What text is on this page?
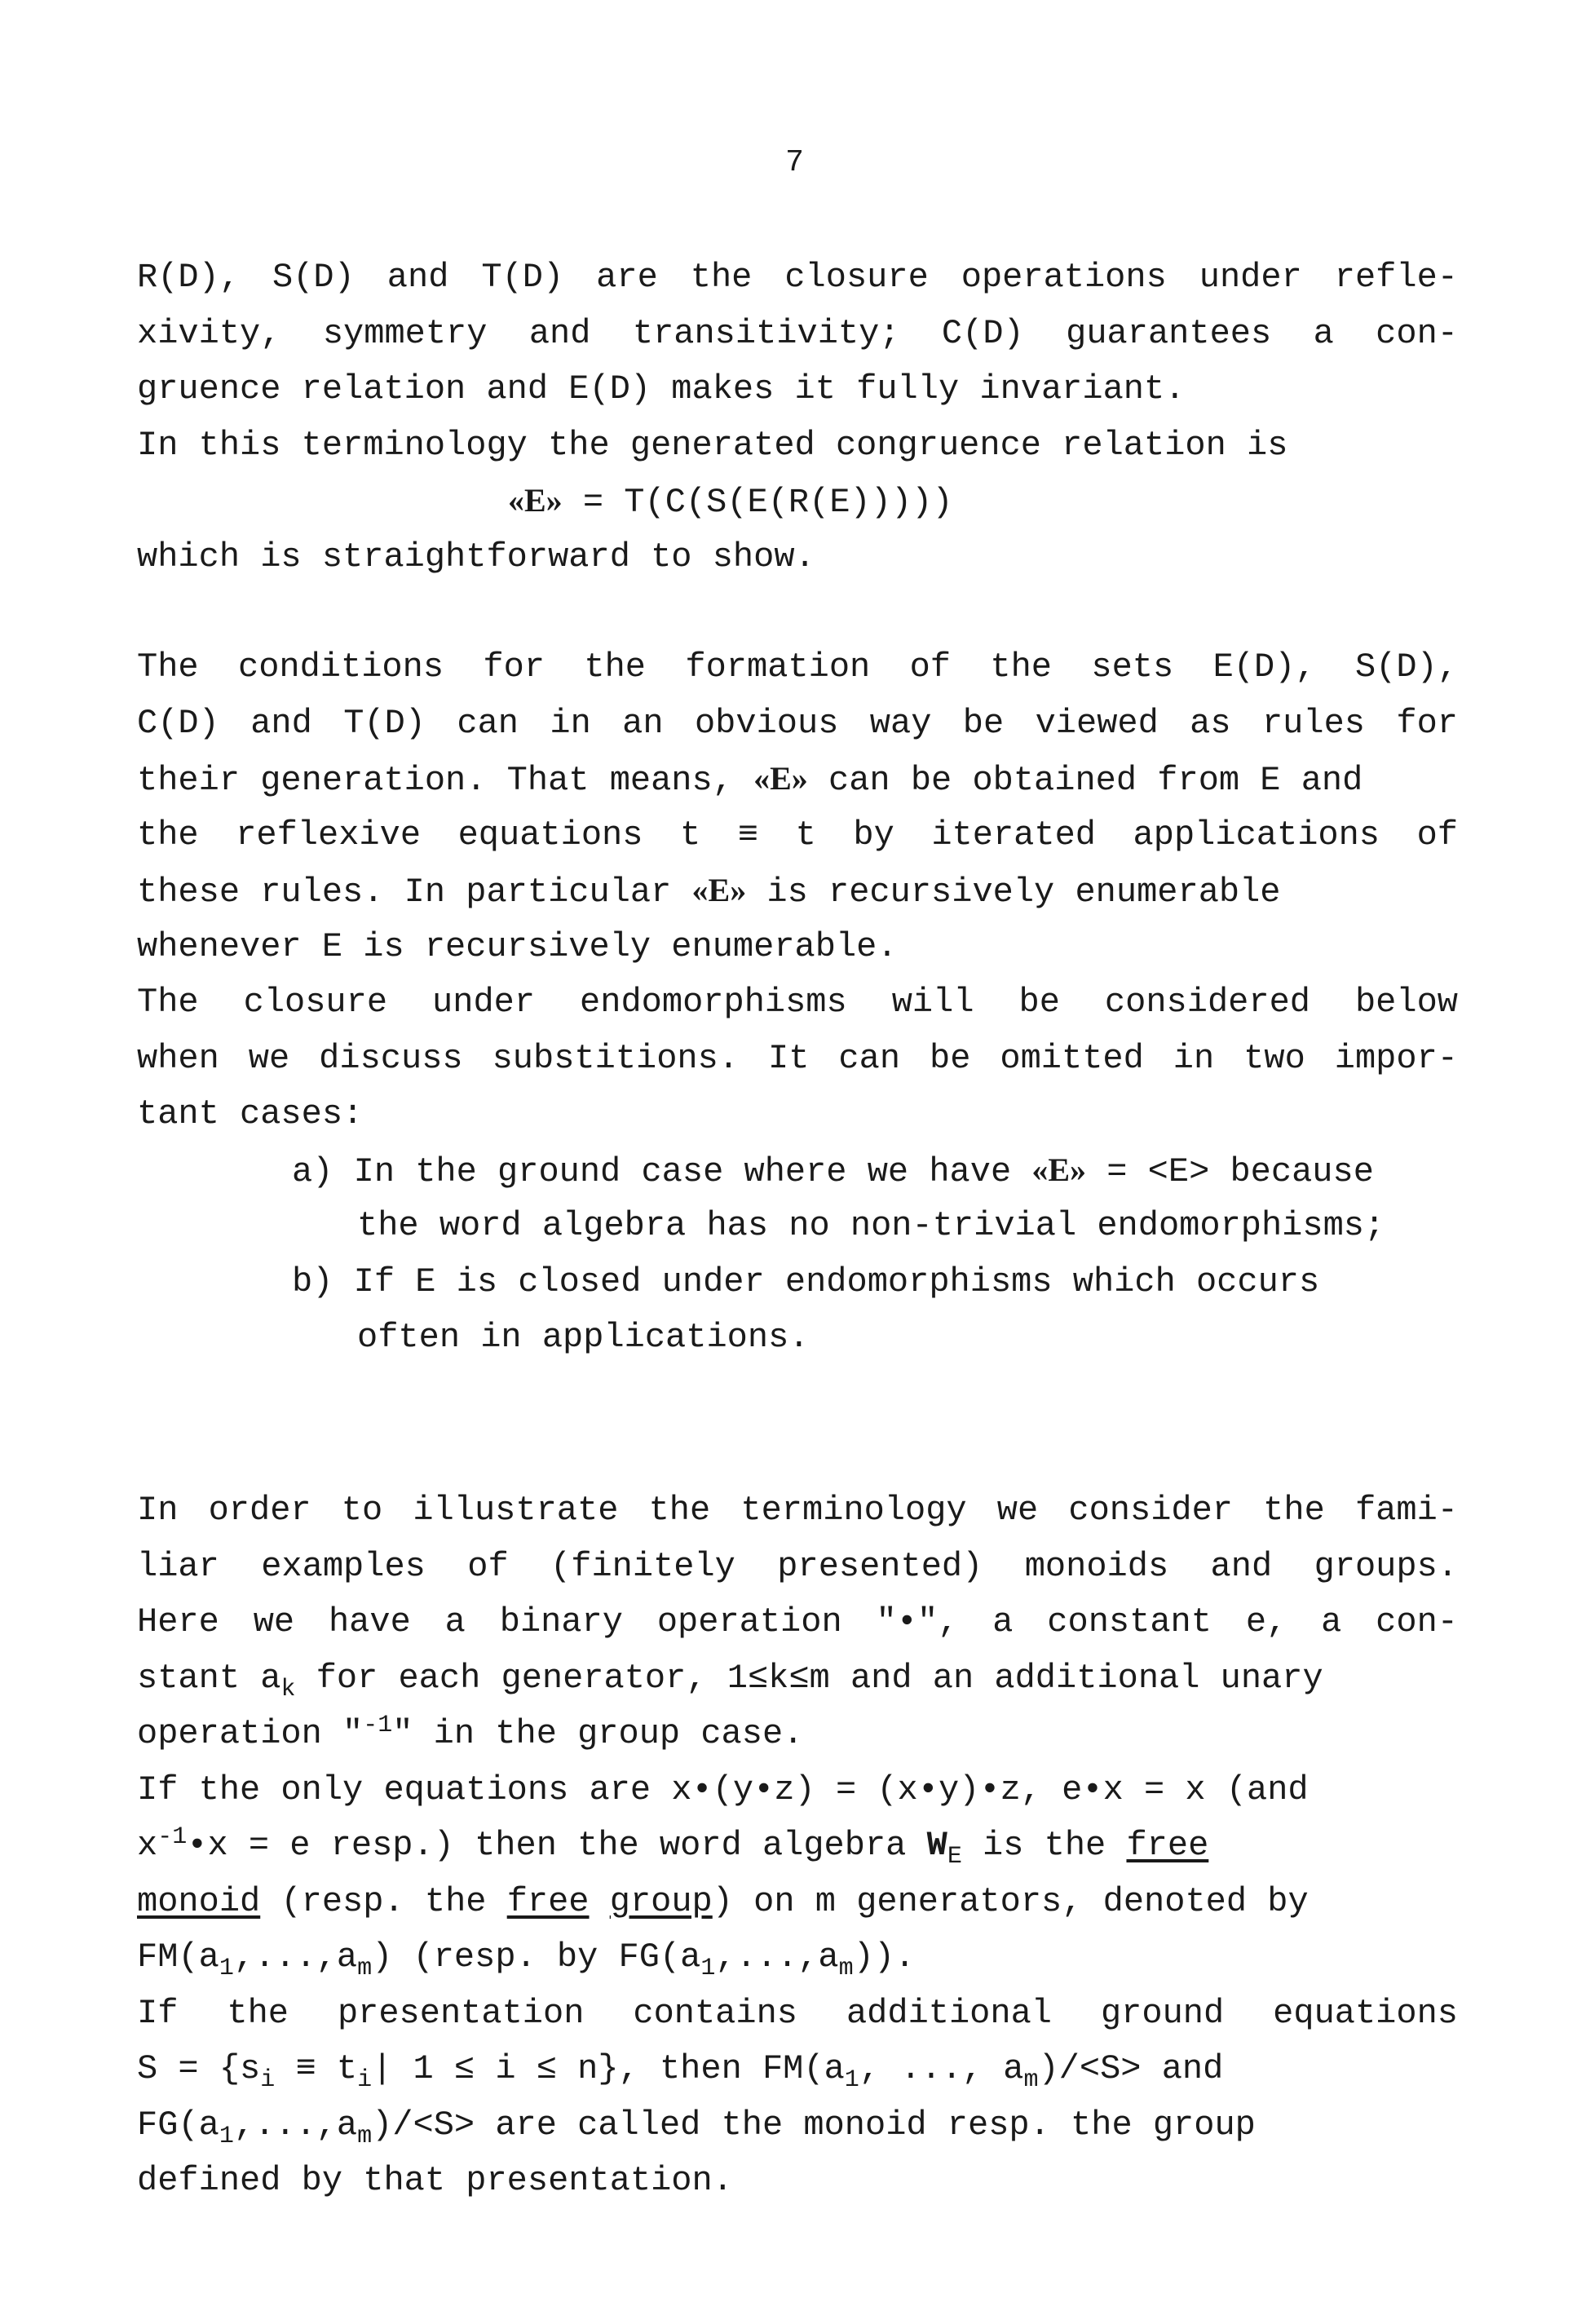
7
R(D), S(D) and T(D) are the closure operations under refle-
xivity, symmetry and transitivity; C(D) guarantees a con-
gruence relation and E(D) makes it fully invariant.
In this terminology the generated congruence relation is
«E» = T(C(S(E(R(E)))))
which is straightforward to show.
The conditions for the formation of the sets E(D), S(D),
C(D) and T(D) can in an obvious way be viewed as rules for
their generation. That means, «E» can be obtained from E and
the reflexive equations t ≡ t by iterated applications of
these rules. In particular «E» is recursively enumerable
whenever E is recursively enumerable.
The closure under endomorphisms will be considered below
when we discuss substitions. It can be omitted in two impor-
tant cases:
a) In the ground case where we have «E» = <E> because
the word algebra has no non-trivial endomorphisms;
b) If E is closed under endomorphisms which occurs
often in applications.
In order to illustrate the terminology we consider the fami-
liar examples of (finitely presented) monoids and groups.
Here we have a binary operation "•", a constant e, a con-
stant $a_k$ for each generator, 1≤k≤m and an additional unary
operation "$^{-1}$" in the group case.
If the only equations are x•(y•z) = (x•y)•z, e•x = x (and
$x^{-1}•x = e$ resp.) then the word algebra $W_E$ is the free
monoid (resp. the free group) on m generators, denoted by
$FM(a_1,...,a_m)$ (resp. by $FG(a_1,...,a_m)$).
If the presentation contains additional ground equations
$S = \{s_i \equiv t_i|$ 1 ≤ i ≤ n}, then $FM(a_1$, ..., $a_m)/<S>$ and
$FG(a_1,...,a_m)/<S>$ are called the monoid resp. the group
defined by that presentation.
